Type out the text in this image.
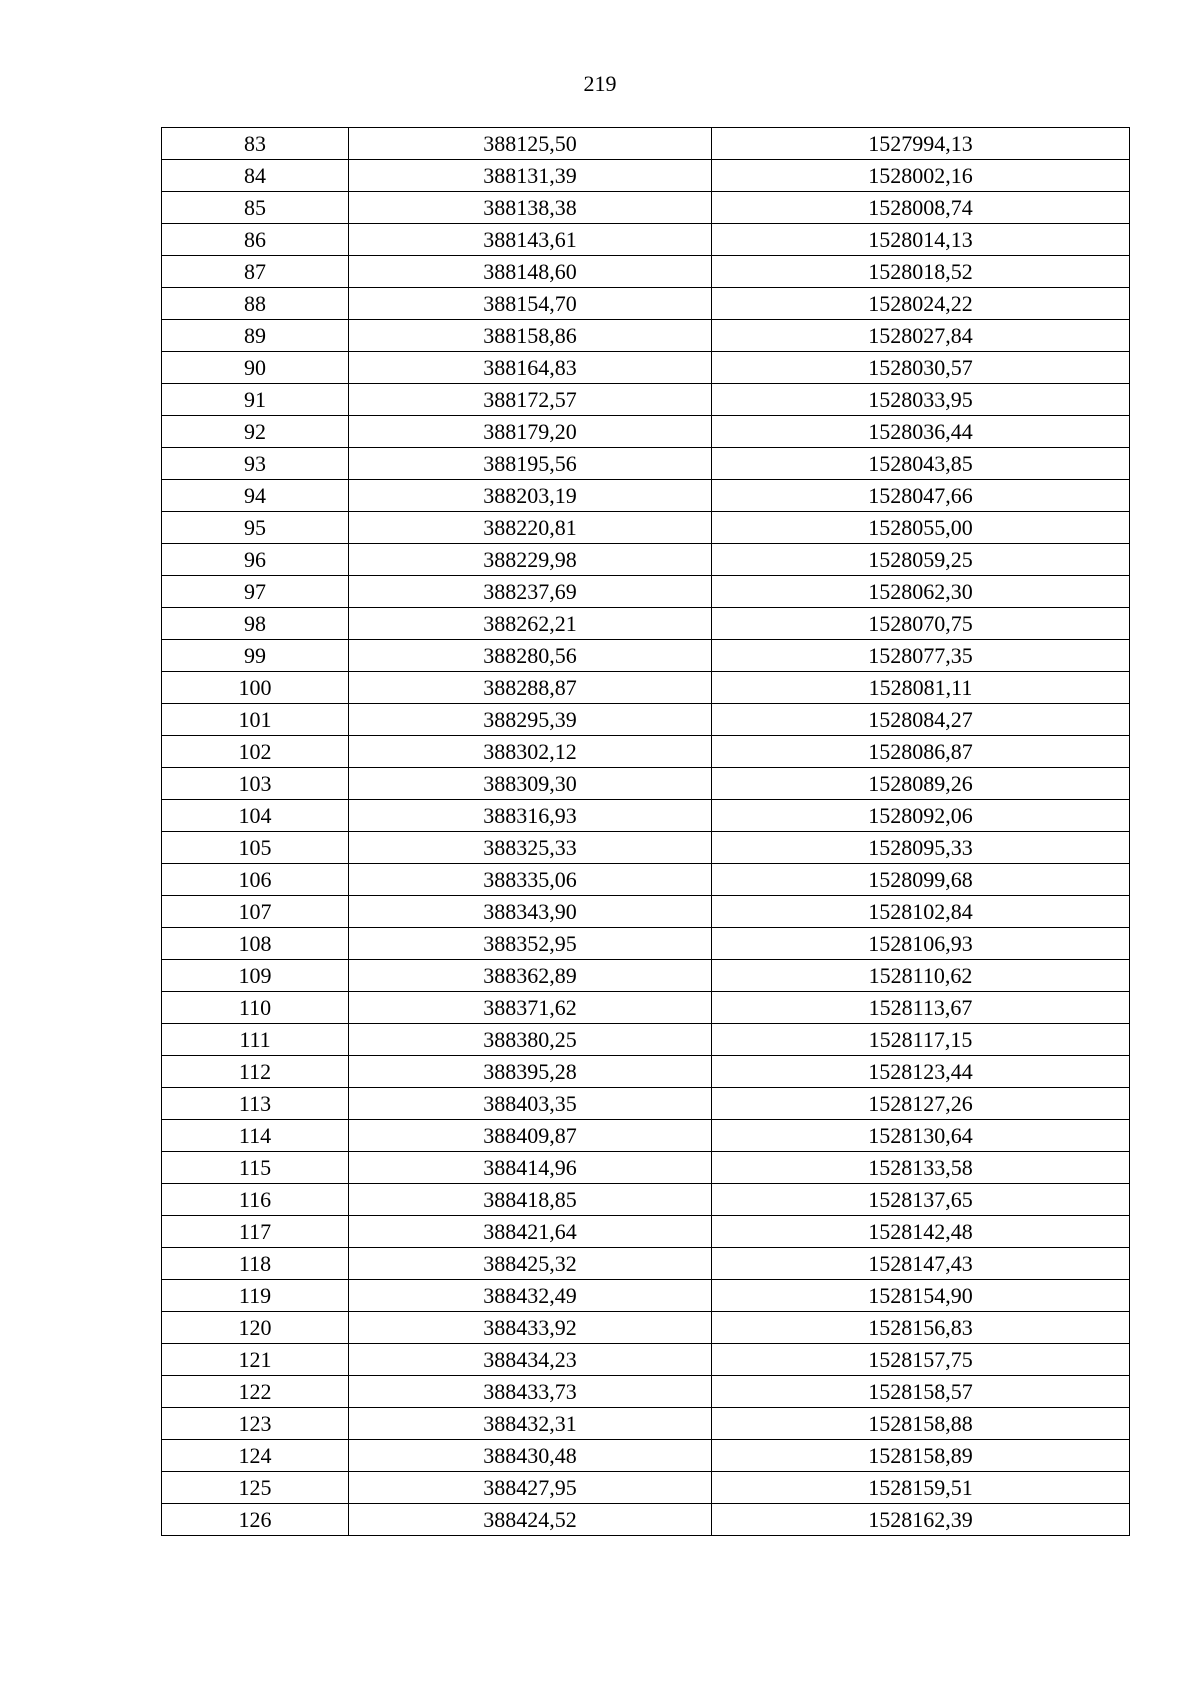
219
83	388125,50	1527994,13
84	388131,39	1528002,16
85	388138,38	1528008,74
86	388143,61	1528014,13
87	388148,60	1528018,52
88	388154,70	1528024,22
89	388158,86	1528027,84
90	388164,83	1528030,57
91	388172,57	1528033,95
92	388179,20	1528036,44
93	388195,56	1528043,85
94	388203,19	1528047,66
95	388220,81	1528055,00
96	388229,98	1528059,25
97	388237,69	1528062,30
98	388262,21	1528070,75
99	388280,56	1528077,35
100	388288,87	1528081,11
101	388295,39	1528084,27
102	388302,12	1528086,87
103	388309,30	1528089,26
104	388316,93	1528092,06
105	388325,33	1528095,33
106	388335,06	1528099,68
107	388343,90	1528102,84
108	388352,95	1528106,93
109	388362,89	1528110,62
110	388371,62	1528113,67
111	388380,25	1528117,15
112	388395,28	1528123,44
113	388403,35	1528127,26
114	388409,87	1528130,64
115	388414,96	1528133,58
116	388418,85	1528137,65
117	388421,64	1528142,48
118	388425,32	1528147,43
119	388432,49	1528154,90
120	388433,92	1528156,83
121	388434,23	1528157,75
122	388433,73	1528158,57
123	388432,31	1528158,88
124	388430,48	1528158,89
125	388427,95	1528159,51
126	388424,52	1528162,39
